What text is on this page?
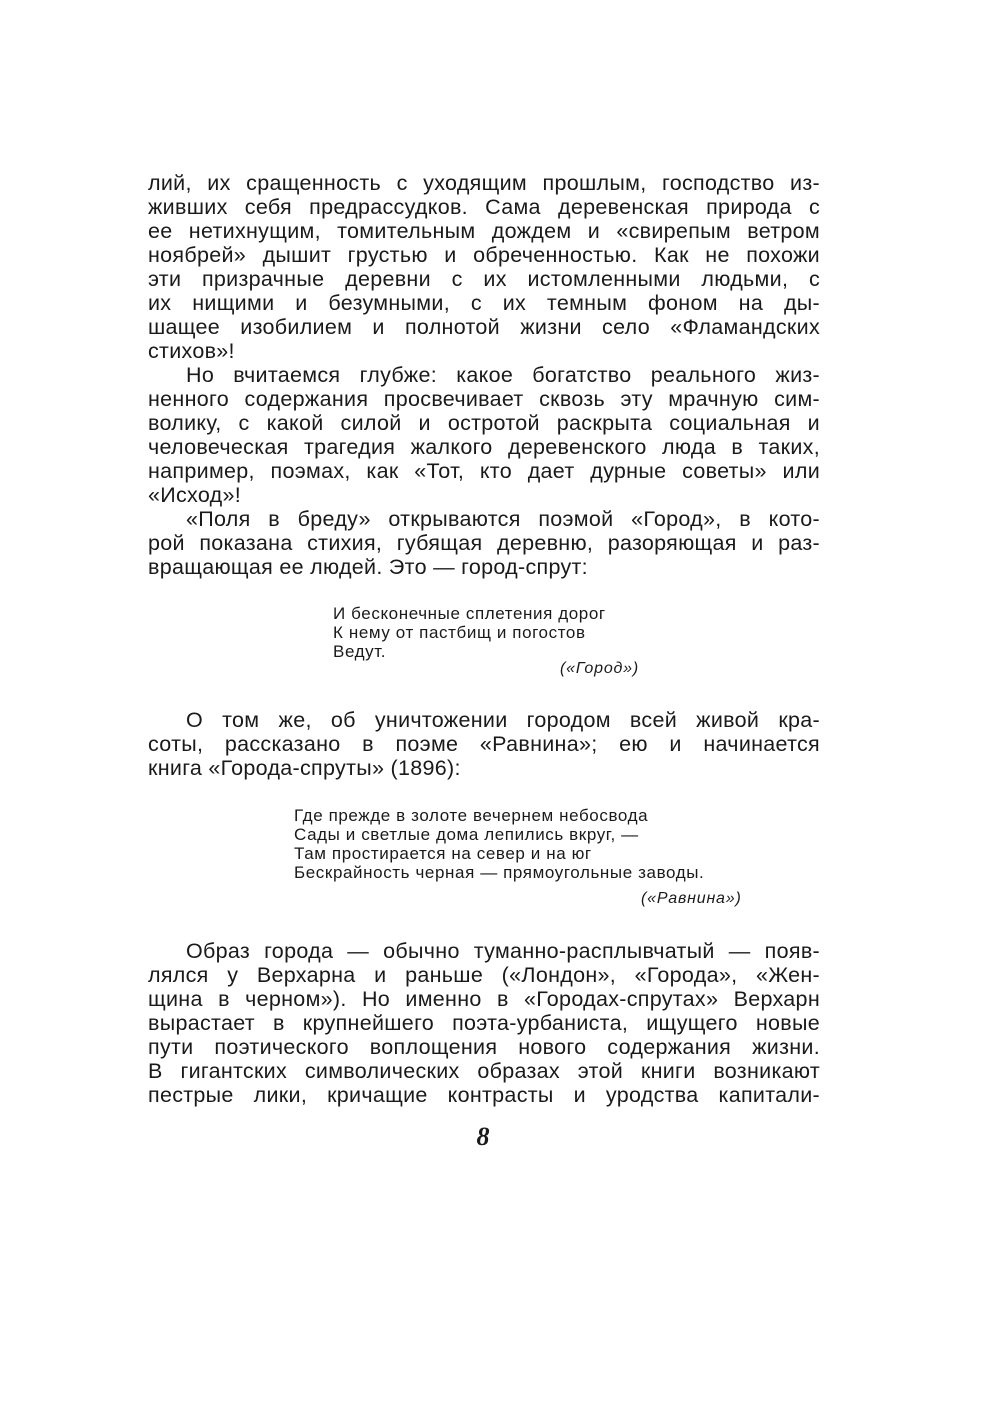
лий, их сращенность с уходящим прошлым, господство из-
живших себя предрассудков. Сама деревенская природа с
ее нетихнущим, томительным дождем и «свирепым ветром
ноябрей» дышит грустью и обреченностью. Как не похожи
эти призрачные деревни с их истомленными людьми, с
их нищими и безумными, с их темным фоном на ды-
шащее изобилием и полнотой жизни село «Фламандских
стихов»!
Но вчитаемся глубже: какое богатство реального жиз-
ненного содержания просвечивает сквозь эту мрачную сим-
волику, с какой силой и остротой раскрыта социальная и
человеческая трагедия жалкого деревенского люда в таких,
например, поэмах, как «Тот, кто дает дурные советы» или
«Исход»!
«Поля в бреду» открываются поэмой «Город», в кото-
рой показана стихия, губящая деревню, разоряющая и раз-
вращающая ее людей. Это — город-спрут:
И бесконечные сплетения дорог
К нему от пастбищ и погостов
Ведут.
(«Город»)
О том же, об уничтожении городом всей живой кра-
соты, рассказано в поэме «Равнина»; ею и начинается
книга «Города-спруты» (1896):
Где прежде в золоте вечернем небосвода
Сады и светлые дома лепились вкруг, —
Там простирается на север и на юг
Бескрайность черная — прямоугольные заводы.
(«Равнина»)
Образ города — обычно туманно-расплывчатый — появ-
лялся у Верхарна и раньше («Лондон», «Города», «Жен-
щина в черном»). Но именно в «Городах-спрутах» Верхарн
вырастает в крупнейшего поэта-урбаниста, ищущего новые
пути поэтического воплощения нового содержания жизни.
В гигантских символических образах этой книги возникают
пестрые лики, кричащие контрасты и уродства капитали-
8
